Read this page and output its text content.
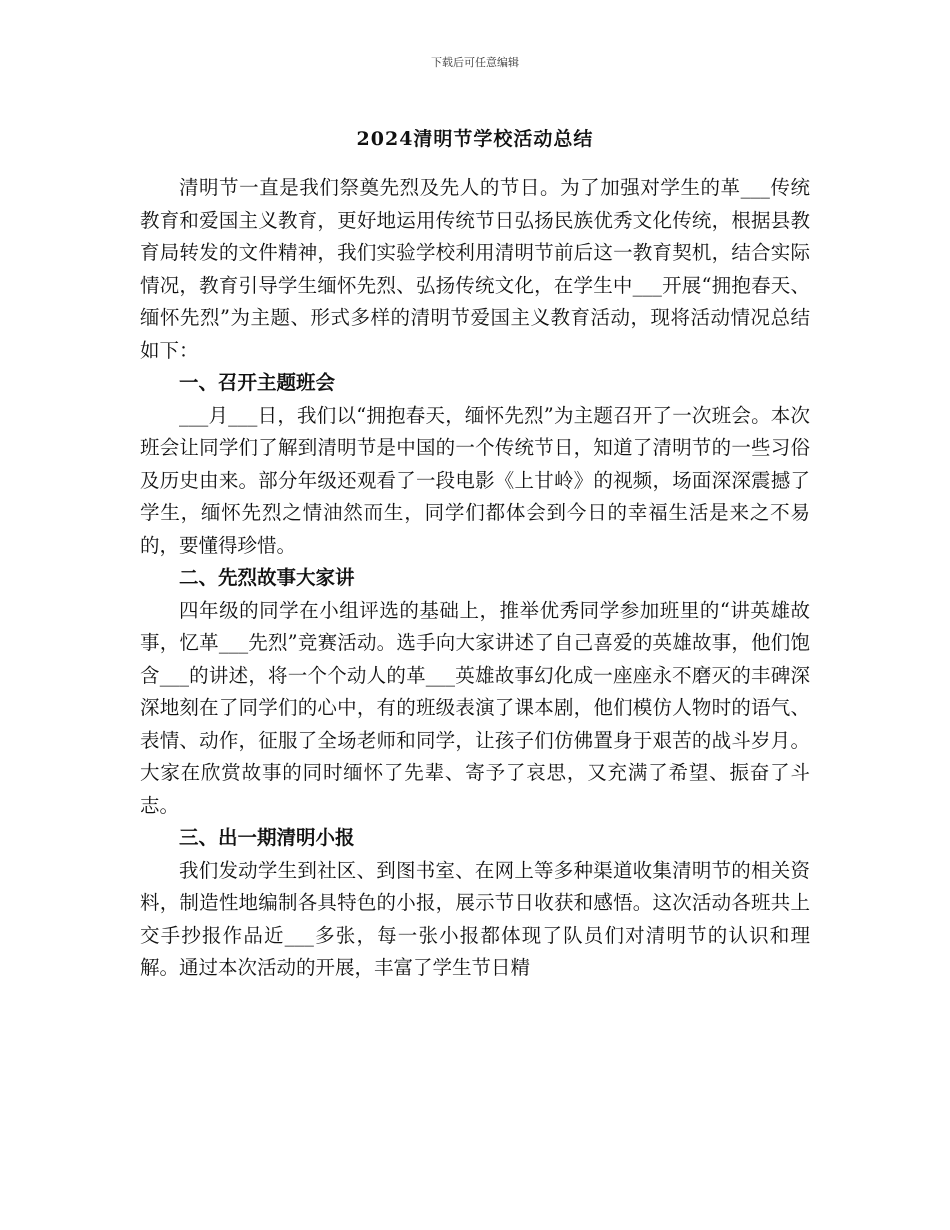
下载后可任意编辑
2024清明节学校活动总结

清明节一直是我们祭奠先烈及先人的节日。为了加强对学生的革___传统教育和爱国主义教育，更好地运用传统节日弘扬民族优秀文化传统，根据县教育局转发的文件精神，我们实验学校利用清明节前后这一教育契机，结合实际情况，教育引导学生缅怀先烈、弘扬传统文化，在学生中___开展“拥抱春天、缅怀先烈”为主题、形式多样的清明节爱国主义教育活动，现将活动情况总结如下：

一、召开主题班会

___月___日，我们以“拥抱春天，缅怀先烈”为主题召开了一次班会。本次班会让同学们了解到清明节是中国的一个传统节日，知道了清明节的一些习俗及历史由来。部分年级还观看了一段电影《上甘岭》的视频，场面深深震撼了学生，缅怀先烈之情油然而生，同学们都体会到今日的幸福生活是来之不易的，要懂得珍惜。

二、先烈故事大家讲

四年级的同学在小组评选的基础上，推举优秀同学参加班里的“讲英雄故事，忆革___先烈”竞赛活动。选手向大家讲述了自己喜爱的英雄故事，他们饱含___的讲述，将一个个动人的革___英雄故事幻化成一座座永不磨灭的丰碑深深地刻在了同学们的心中，有的班级表演了课本剧，他们模仿人物时的语气、表情、动作，征服了全场老师和同学，让孩子们仿佛置身于艰苦的战斗岁月。大家在欣赏故事的同时缅怀了先辈、寄予了哀思，又充满了希望、振奋了斗志。

三、出一期清明小报

我们发动学生到社区、到图书室、在网上等多种渠道收集清明节的相关资料，制造性地编制各具特色的小报，展示节日收获和感悟。这次活动各班共上交手抄报作品近___多张，每一张小报都体现了队员们对清明节的认识和理解。通过本次活动的开展，丰富了学生节日精
